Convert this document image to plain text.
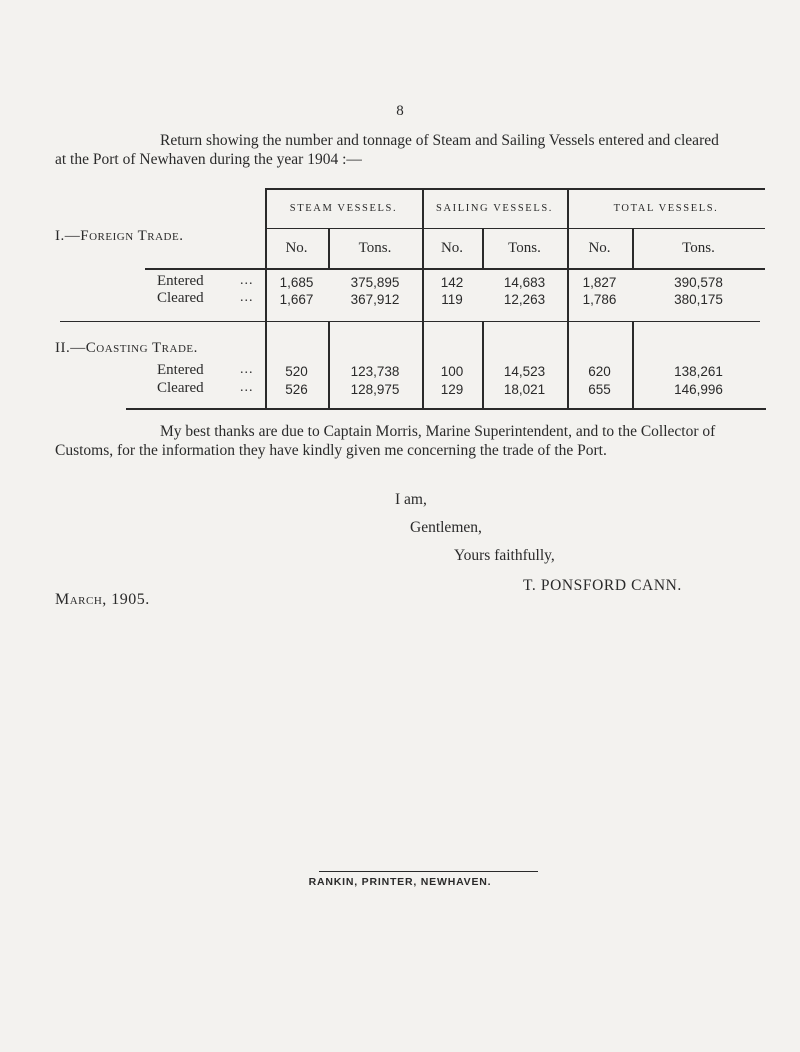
8

Return showing the number and tonnage of Steam and Sailing Vessels entered and cleared

at the Port of Newhaven during the year 1904 :—

STEAM VESSELS.	SAILING VESSELS.	TOTAL VESSELS.
No.	Tons.	No.	Tons.	No.	Tons.
I.—Foreign Trade.
Entered	...	1,685	375,895	142	14,683	1,827	390,578
Cleared	...	1,667	367,912	119	12,263	1,786	380,175
II.—Coasting Trade.
Entered	...	520	123,738	100	14,523	620	138,261
Cleared	...	526	128,975	129	18,021	655	146,996

My best thanks are due to Captain Morris, Marine Superintendent, and to the Collector of

Customs, for the information they have kindly given me concerning the trade of the Port.

I am,
Gentlemen,
Yours faithfully,
T. PONSFORD CANN.
March, 1905.
RANKIN, PRINTER, NEWHAVEN.
